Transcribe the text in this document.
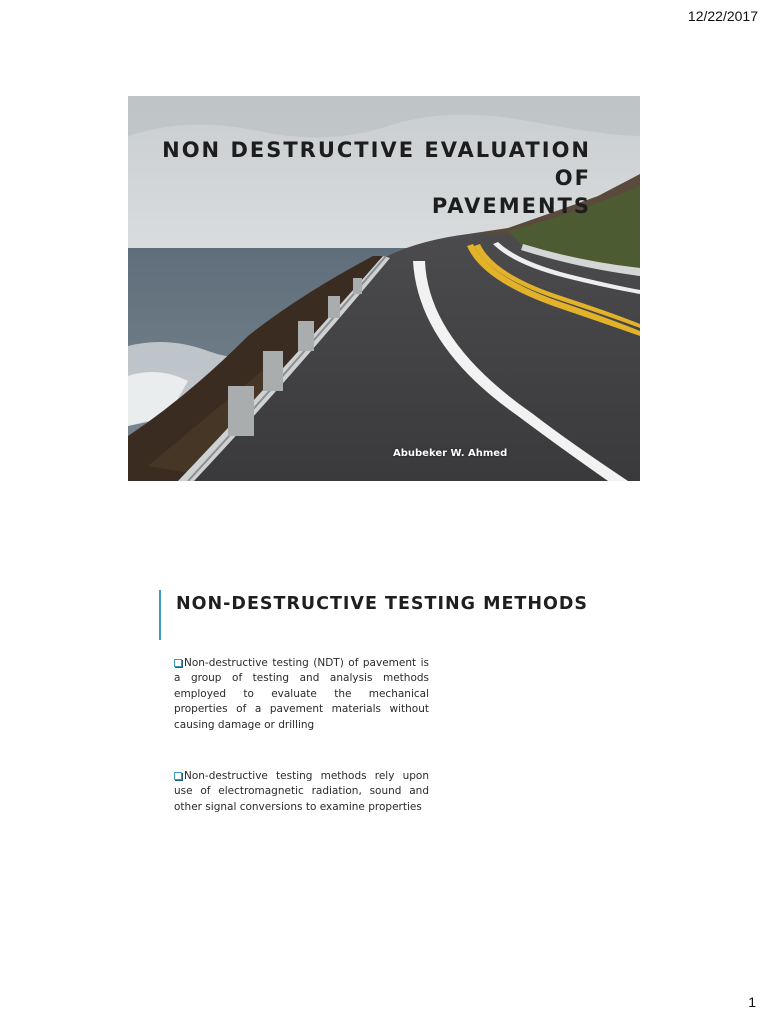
12/22/2017
NON DESTRUCTIVE EVALUATION OF
PAVEMENTS
Abubeker W. Ahmed
NON-DESTRUCTIVE TESTING METHODS

Non-destructive testing (NDT) of pavement is a group of testing and analysis methods employed to evaluate the mechanical properties of a pavement materials without causing damage or drilling

Non-destructive testing methods rely upon use of electromagnetic radiation, sound and other signal conversions to examine properties

1
